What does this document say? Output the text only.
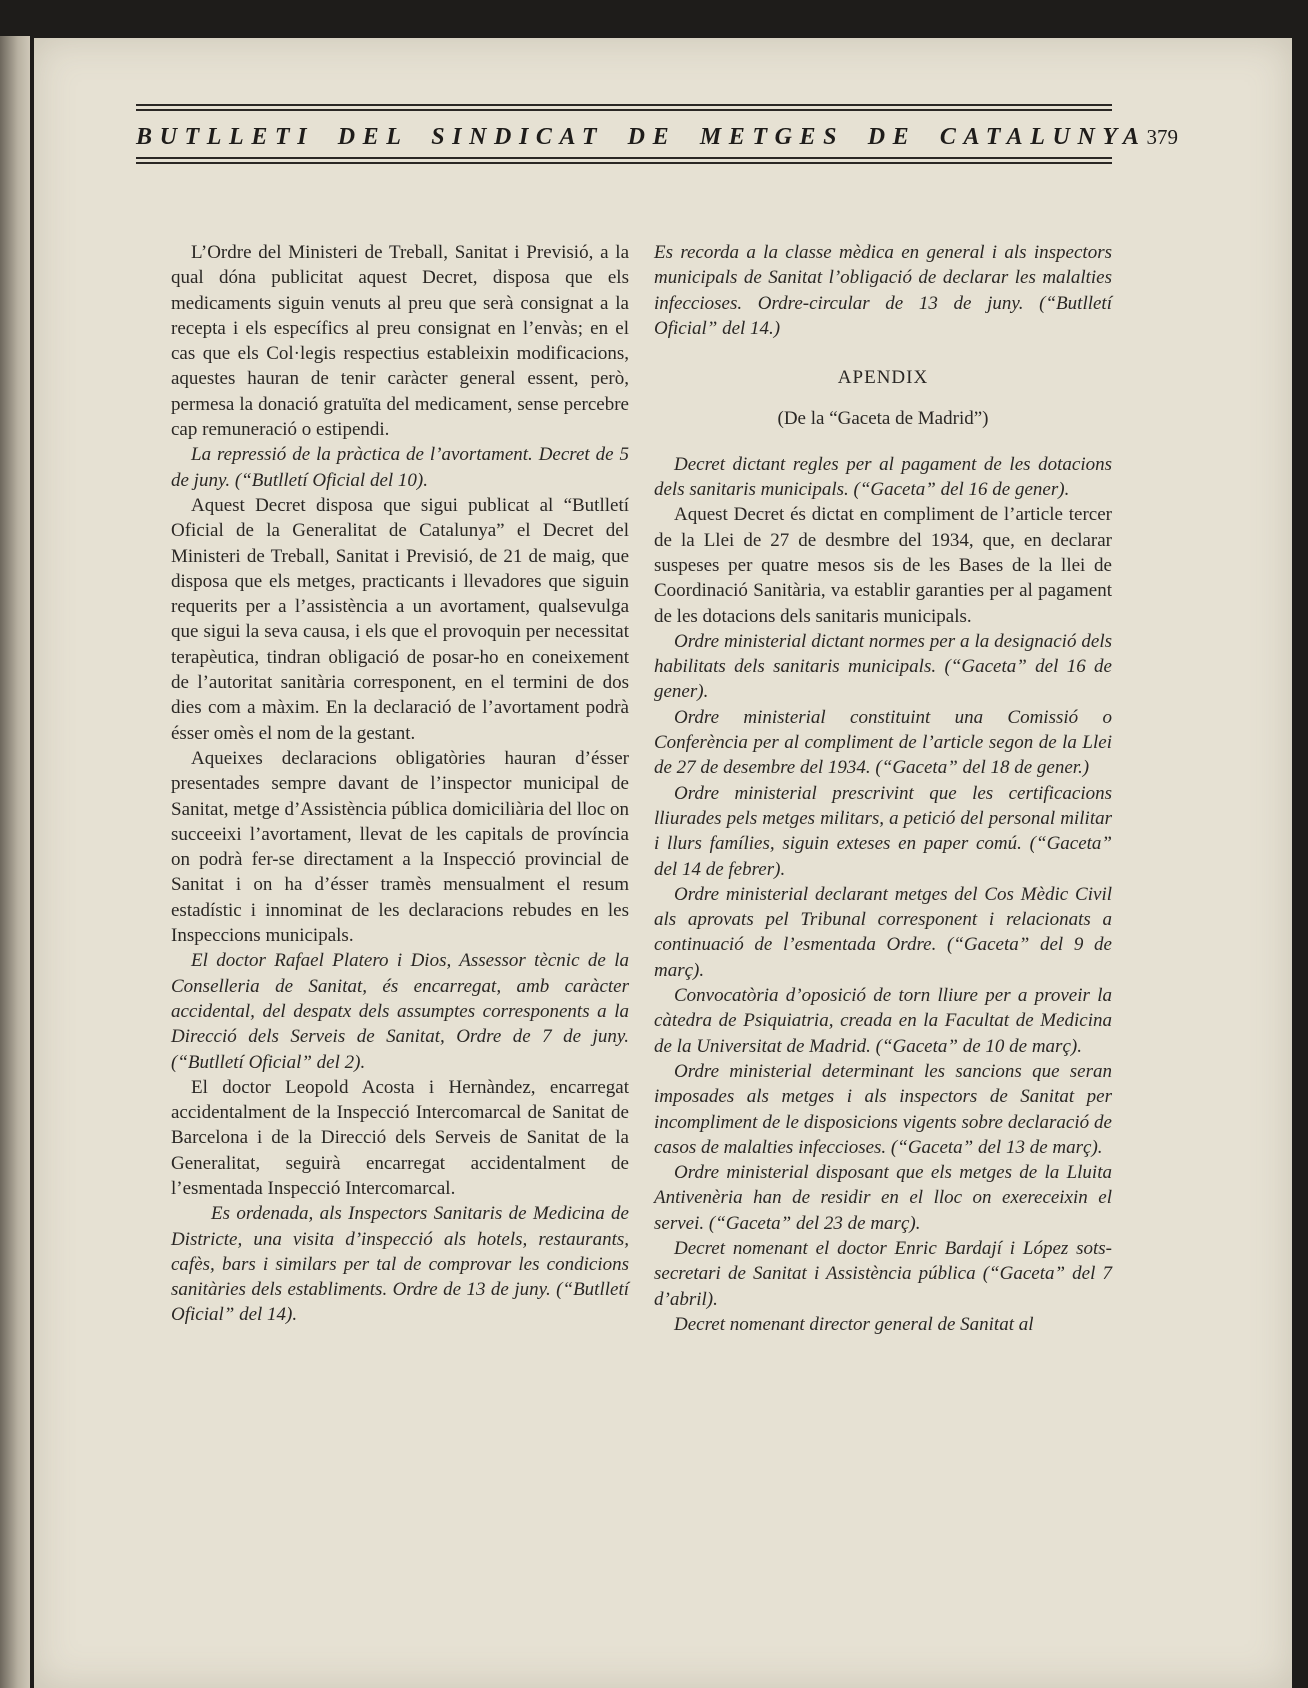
BUTLLETI DEL SINDICAT DE METGES DE CATALUNYA 379

L’Ordre del Ministeri de Treball, Sanitat i Previsió, a la qual dóna publicitat aquest Decret, disposa que els medicaments siguin venuts al preu que serà consignat a la recepta i els específics al preu consignat en l’envàs; en el cas que els Col·legis respectius estableixin modificacions, aquestes hauran de tenir caràcter general essent, però, permesa la donació gratuïta del medicament, sense percebre cap remuneració o estipendi.

La repressió de la pràctica de l’avortament. Decret de 5 de juny. (“Butlletí Oficial del 10).

Aquest Decret disposa que sigui publicat al “Butlletí Oficial de la Generalitat de Catalunya” el Decret del Ministeri de Treball, Sanitat i Previsió, de 21 de maig, que disposa que els metges, practicants i llevadores que siguin requerits per a l’assistència a un avortament, qualsevulga que sigui la seva causa, i els que el provoquin per necessitat terapèutica, tindran obligació de posar-ho en coneixement de l’autoritat sanitària corresponent, en el termini de dos dies com a màxim. En la declaració de l’avortament podrà ésser omès el nom de la gestant.

Aqueixes declaracions obligatòries hauran d’ésser presentades sempre davant de l’inspector municipal de Sanitat, metge d’Assistència pública domiciliària del lloc on succeeixi l’avortament, llevat de les capitals de província on podrà fer-se directament a la Inspecció provincial de Sanitat i on ha d’ésser tramès mensualment el resum estadístic i innominat de les declaracions rebudes en les Inspeccions municipals.

El doctor Rafael Platero i Dios, Assessor tècnic de la Conselleria de Sanitat, és encarregat, amb caràcter accidental, del despatx dels assumptes corresponents a la Direcció dels Serveis de Sanitat, Ordre de 7 de juny. (“Butlletí Oficial” del 2).

El doctor Leopold Acosta i Hernàndez, encarregat accidentalment de la Inspecció Intercomarcal de Sanitat de Barcelona i de la Direcció dels Serveis de Sanitat de la Generalitat, seguirà encarregat accidentalment de l’esmentada Inspecció Intercomarcal.

Es ordenada, als Inspectors Sanitaris de Medicina de Districte, una visita d’inspecció als hotels, restaurants, cafès, bars i similars per tal de comprovar les condicions sanitàries dels establiments. Ordre de 13 de juny. (“Butlletí Oficial” del 14).

Es recorda a la classe mèdica en general i als inspectors municipals de Sanitat l’obligació de declarar les malalties infeccioses. Ordre-circular de 13 de juny. (“Butlletí Oficial” del 14.)

APENDIX

(De la “Gaceta de Madrid”)

Decret dictant regles per al pagament de les dotacions dels sanitaris municipals. (“Gaceta” del 16 de gener).

Aquest Decret és dictat en compliment de l’article tercer de la Llei de 27 de desmbre del 1934, que, en declarar suspeses per quatre mesos sis de les Bases de la llei de Coordinació Sanitària, va establir garanties per al pagament de les dotacions dels sanitaris municipals.

Ordre ministerial dictant normes per a la designació dels habilitats dels sanitaris municipals. (“Gaceta” del 16 de gener).

Ordre ministerial constituint una Comissió o Conferència per al compliment de l’article segon de la Llei de 27 de desembre del 1934. (“Gaceta” del 18 de gener.)

Ordre ministerial prescrivint que les certificacions lliurades pels metges militars, a petició del personal militar i llurs famílies, siguin exteses en paper comú. (“Gaceta” del 14 de febrer).

Ordre ministerial declarant metges del Cos Mèdic Civil als aprovats pel Tribunal corresponent i relacionats a continuació de l’esmentada Ordre. (“Gaceta” del 9 de març).

Convocatòria d’oposició de torn lliure per a proveir la càtedra de Psiquiatria, creada en la Facultat de Medicina de la Universitat de Madrid. (“Gaceta” de 10 de març).

Ordre ministerial determinant les sancions que seran imposades als metges i als inspectors de Sanitat per incompliment de le disposicions vigents sobre declaració de casos de malalties infeccioses. (“Gaceta” del 13 de març).

Ordre ministerial disposant que els metges de la Lluita Antivenèria han de residir en el lloc on exereceixin el servei. (“Gaceta” del 23 de març).

Decret nomenant el doctor Enric Bardají i López sots-secretari de Sanitat i Assistència pública (“Gaceta” del 7 d’abril).

Decret nomenant director general de Sanitat al
